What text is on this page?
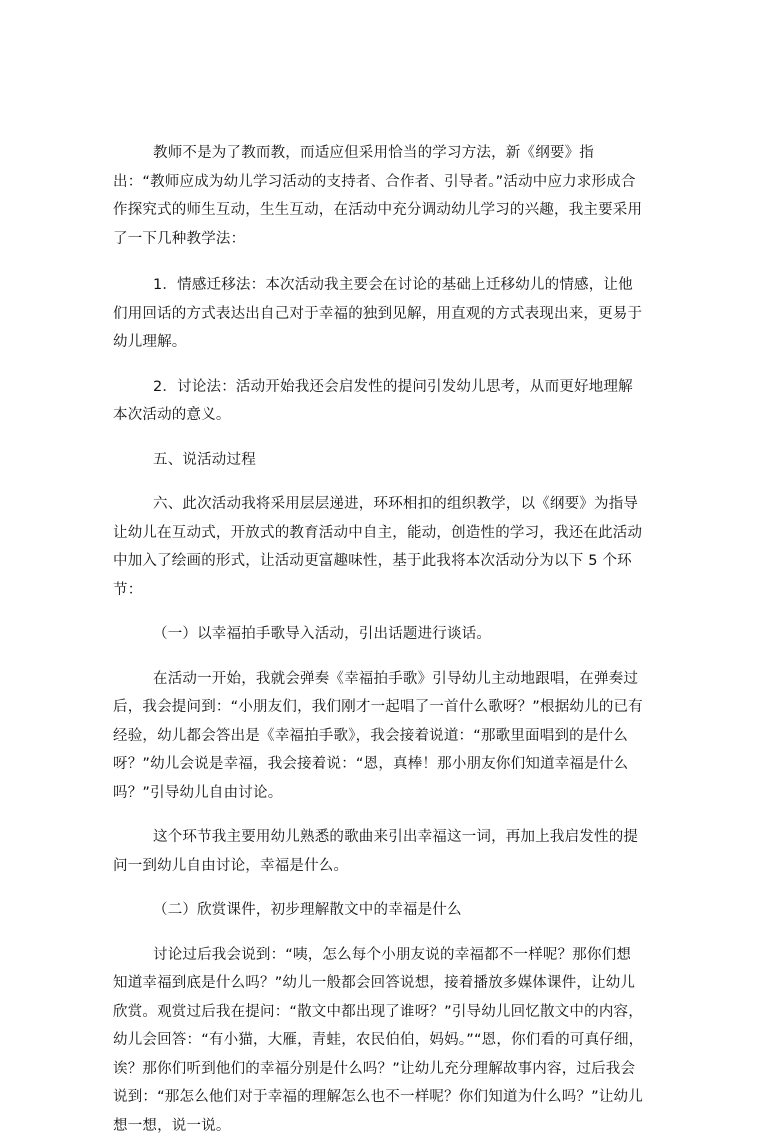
教师不是为了教而教，而适应但采用恰当的学习方法，新《纲要》指出：“教师应成为幼儿学习活动的支持者、合作者、引导者。”活动中应力求形成合作探究式的师生互动，生生互动，在活动中充分调动幼儿学习的兴趣，我主要采用了一下几种教学法：

1．情感迁移法：本次活动我主要会在讨论的基础上迁移幼儿的情感，让他们用回话的方式表达出自己对于幸福的独到见解，用直观的方式表现出来，更易于幼儿理解。

2．讨论法：活动开始我还会启发性的提问引发幼儿思考，从而更好地理解本次活动的意义。

五、说活动过程

六、此次活动我将采用层层递进，环环相扣的组织教学，以《纲要》为指导让幼儿在互动式，开放式的教育活动中自主，能动，创造性的学习，我还在此活动中加入了绘画的形式，让活动更富趣味性，基于此我将本次活动分为以下 5 个环节：

（一）以幸福拍手歌导入活动，引出话题进行谈话。

在活动一开始，我就会弹奏《幸福拍手歌》引导幼儿主动地跟唱，在弹奏过后，我会提问到：“小朋友们，我们刚才一起唱了一首什么歌呀？”根据幼儿的已有经验，幼儿都会答出是《幸福拍手歌》，我会接着说道：“那歌里面唱到的是什么呀？”幼儿会说是幸福，我会接着说：“恩，真棒！那小朋友你们知道幸福是什么吗？”引导幼儿自由讨论。

这个环节我主要用幼儿熟悉的歌曲来引出幸福这一词，再加上我启发性的提问一到幼儿自由讨论，幸福是什么。

（二）欣赏课件，初步理解散文中的幸福是什么

讨论过后我会说到：“咦，怎么每个小朋友说的幸福都不一样呢？那你们想知道幸福到底是什么吗？”幼儿一般都会回答说想，接着播放多媒体课件，让幼儿欣赏。观赏过后我在提问：“散文中都出现了谁呀？”引导幼儿回忆散文中的内容，幼儿会回答：“有小猫，大雁，青蛙，农民伯伯，妈妈。”“恩，你们看的可真仔细，诶？那你们听到他们的幸福分别是什么吗？”让幼儿充分理解故事内容，过后我会说到：“那怎么他们对于幸福的理解怎么也不一样呢？你们知道为什么吗？”让幼儿想一想，说一说。
